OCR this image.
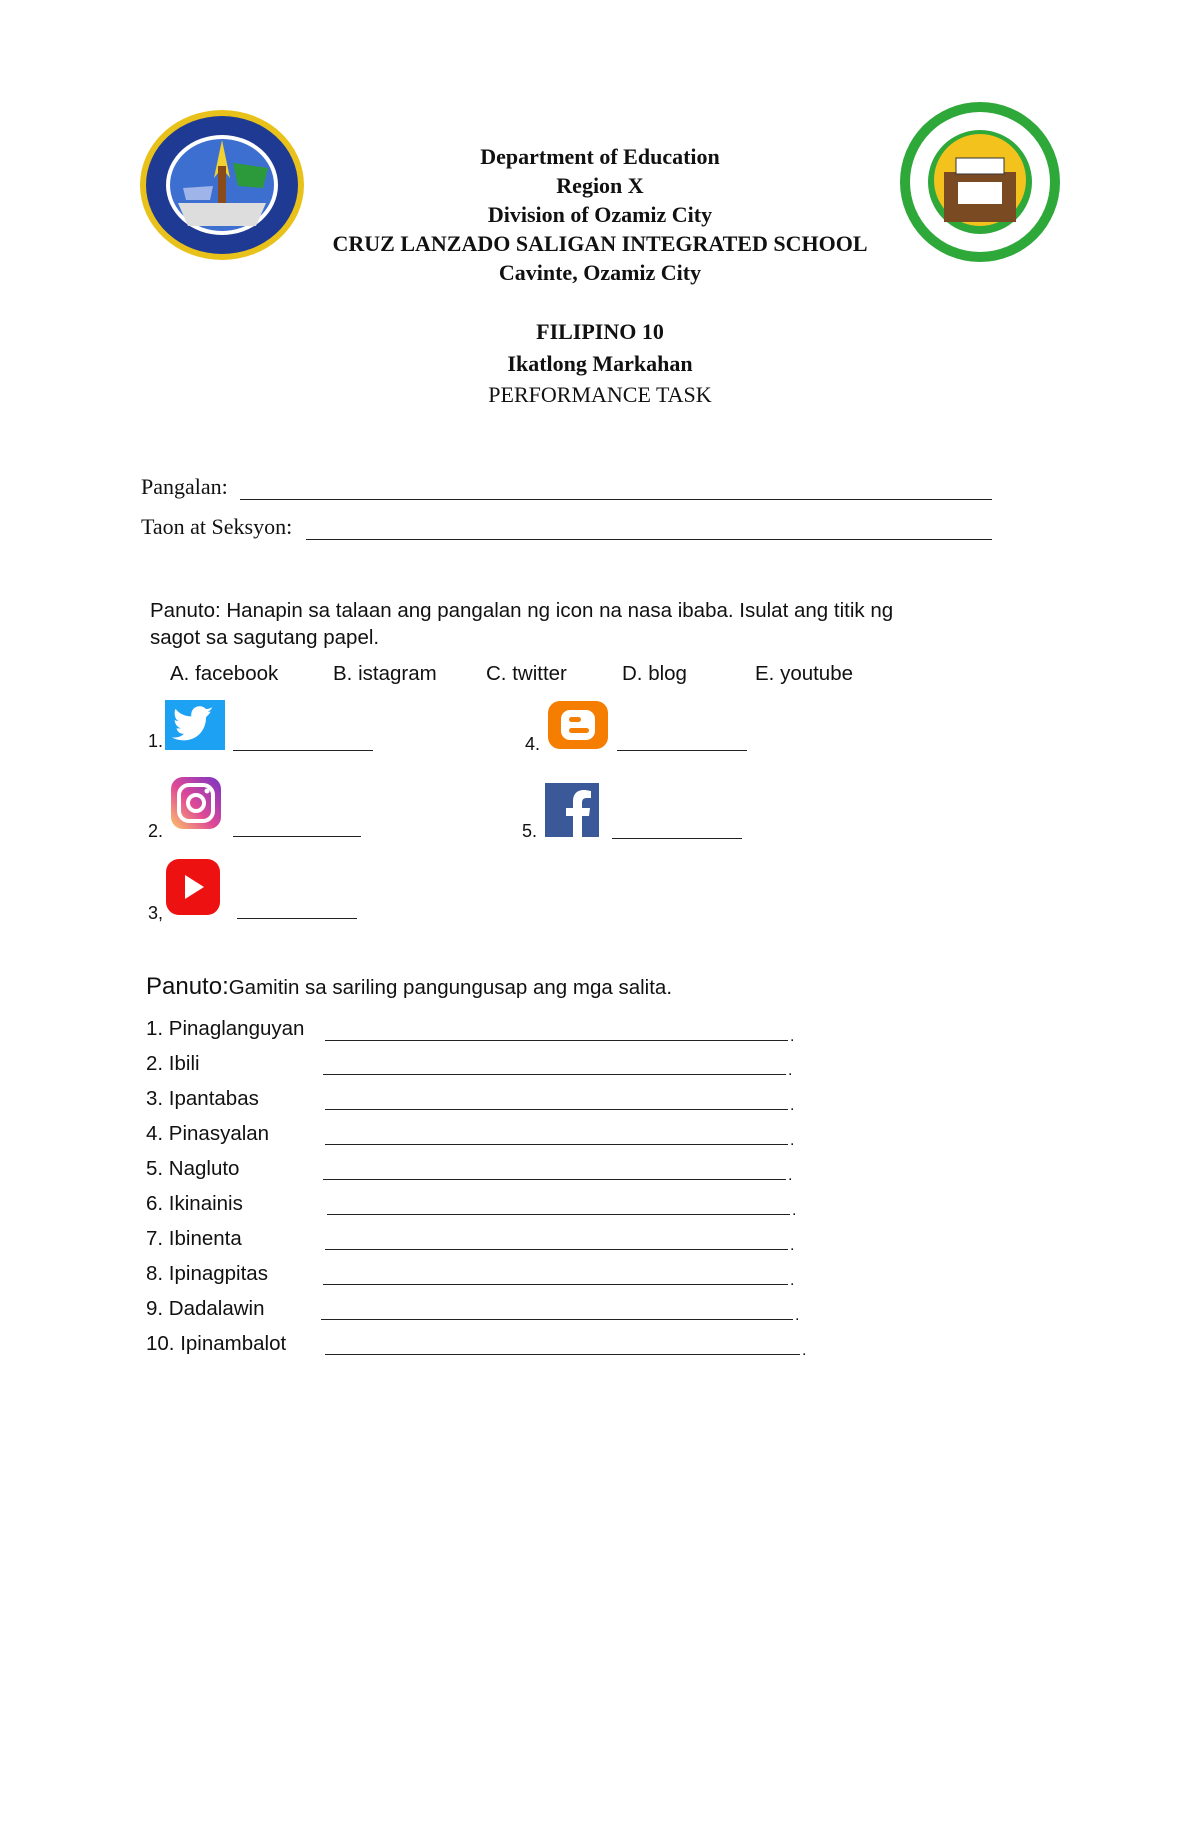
Department of Education
Region X
Division of Ozamiz City
CRUZ LANZADO SALIGAN INTEGRATED SCHOOL
Cavinte, Ozamiz City
FILIPINO 10
Ikatlong Markahan
PERFORMANCE TASK
Pangalan:
Taon at Seksyon:
Panuto: Hanapin sa talaan ang pangalan ng icon na nasa ibaba. Isulat ang titik ng sagot sa sagutang papel.
A. facebook	B. istagram C. twitter	D. blog	E. youtube
1.
2.
3,
4.
5.
Panuto:Gamitin sa sariling pangungusap ang mga salita.
1. Pinaglanguyan	.
2. Ibili	.
3. Ipantabas	.
4. Pinasyalan	.
5. Nagluto	.
6. Ikinainis	.
7. Ibinenta	.
8. Ipinagpitas	.
9. Dadalawin	.
10. Ipinambalot	.
